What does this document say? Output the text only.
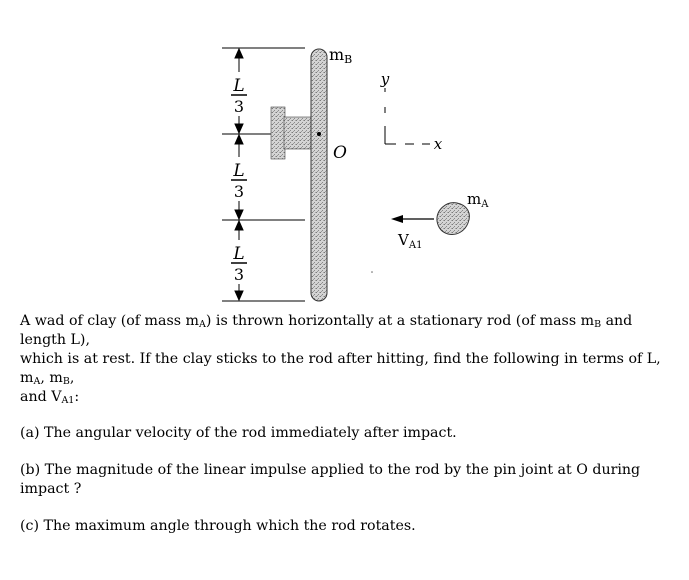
L
3
L
3
L
3
mB
O
y
x
$m_A$
$V_{A1}$

A wad of clay (of mass $m_A$) is thrown horizontally at a stationary rod (of mass $m_B$ and length L),
which is at rest. If the clay sticks to the rod after hitting, find the following in terms of L, $m_A$, $m_B$,
and $V_{A1}$:

(a) The angular velocity of the rod immediately after impact.

(b) The magnitude of the linear impulse applied to the rod by the pin joint at O during impact ?

(c) The maximum angle through which the rod rotates.
